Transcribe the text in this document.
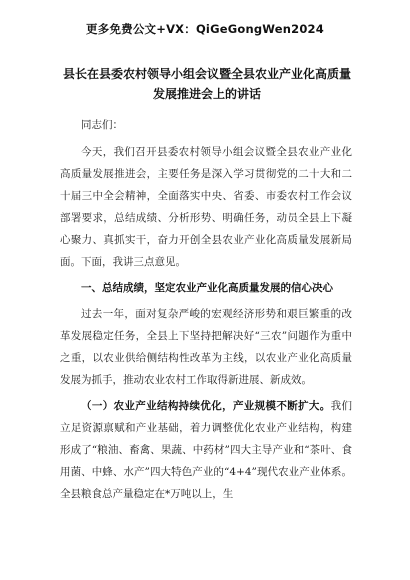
更多免费公文+VX：QiGeGongWen2024
县长在县委农村领导小组会议暨全县农业产业化高质量发展推进会上的讲话

同志们：

今天，我们召开县委农村领导小组会议暨全县农业产业化高质量发展推进会，主要任务是深入学习贯彻党的二十大和二十届三中全会精神，全面落实中央、省委、市委农村工作会议部署要求，总结成绩、分析形势、明确任务，动员全县上下凝心聚力、真抓实干，奋力开创全县农业产业化高质量发展新局面。下面，我讲三点意见。

一、总结成绩，坚定农业产业化高质量发展的信心决心

过去一年，面对复杂严峻的宏观经济形势和艰巨繁重的改革发展稳定任务，全县上下坚持把解决好“三农”问题作为重中之重，以农业供给侧结构性改革为主线，以农业产业化高质量发展为抓手，推动农业农村工作取得新进展、新成效。

（一）农业产业结构持续优化，产业规模不断扩大。我们立足资源禀赋和产业基础，着力调整优化农业产业结构，构建形成了“粮油、畜禽、果蔬、中药材”四大主导产业和“茶叶、食用菌、中蜂、水产”四大特色产业的“4+4”现代农业产业体系。全县粮食总产量稳定在*万吨以上，生
